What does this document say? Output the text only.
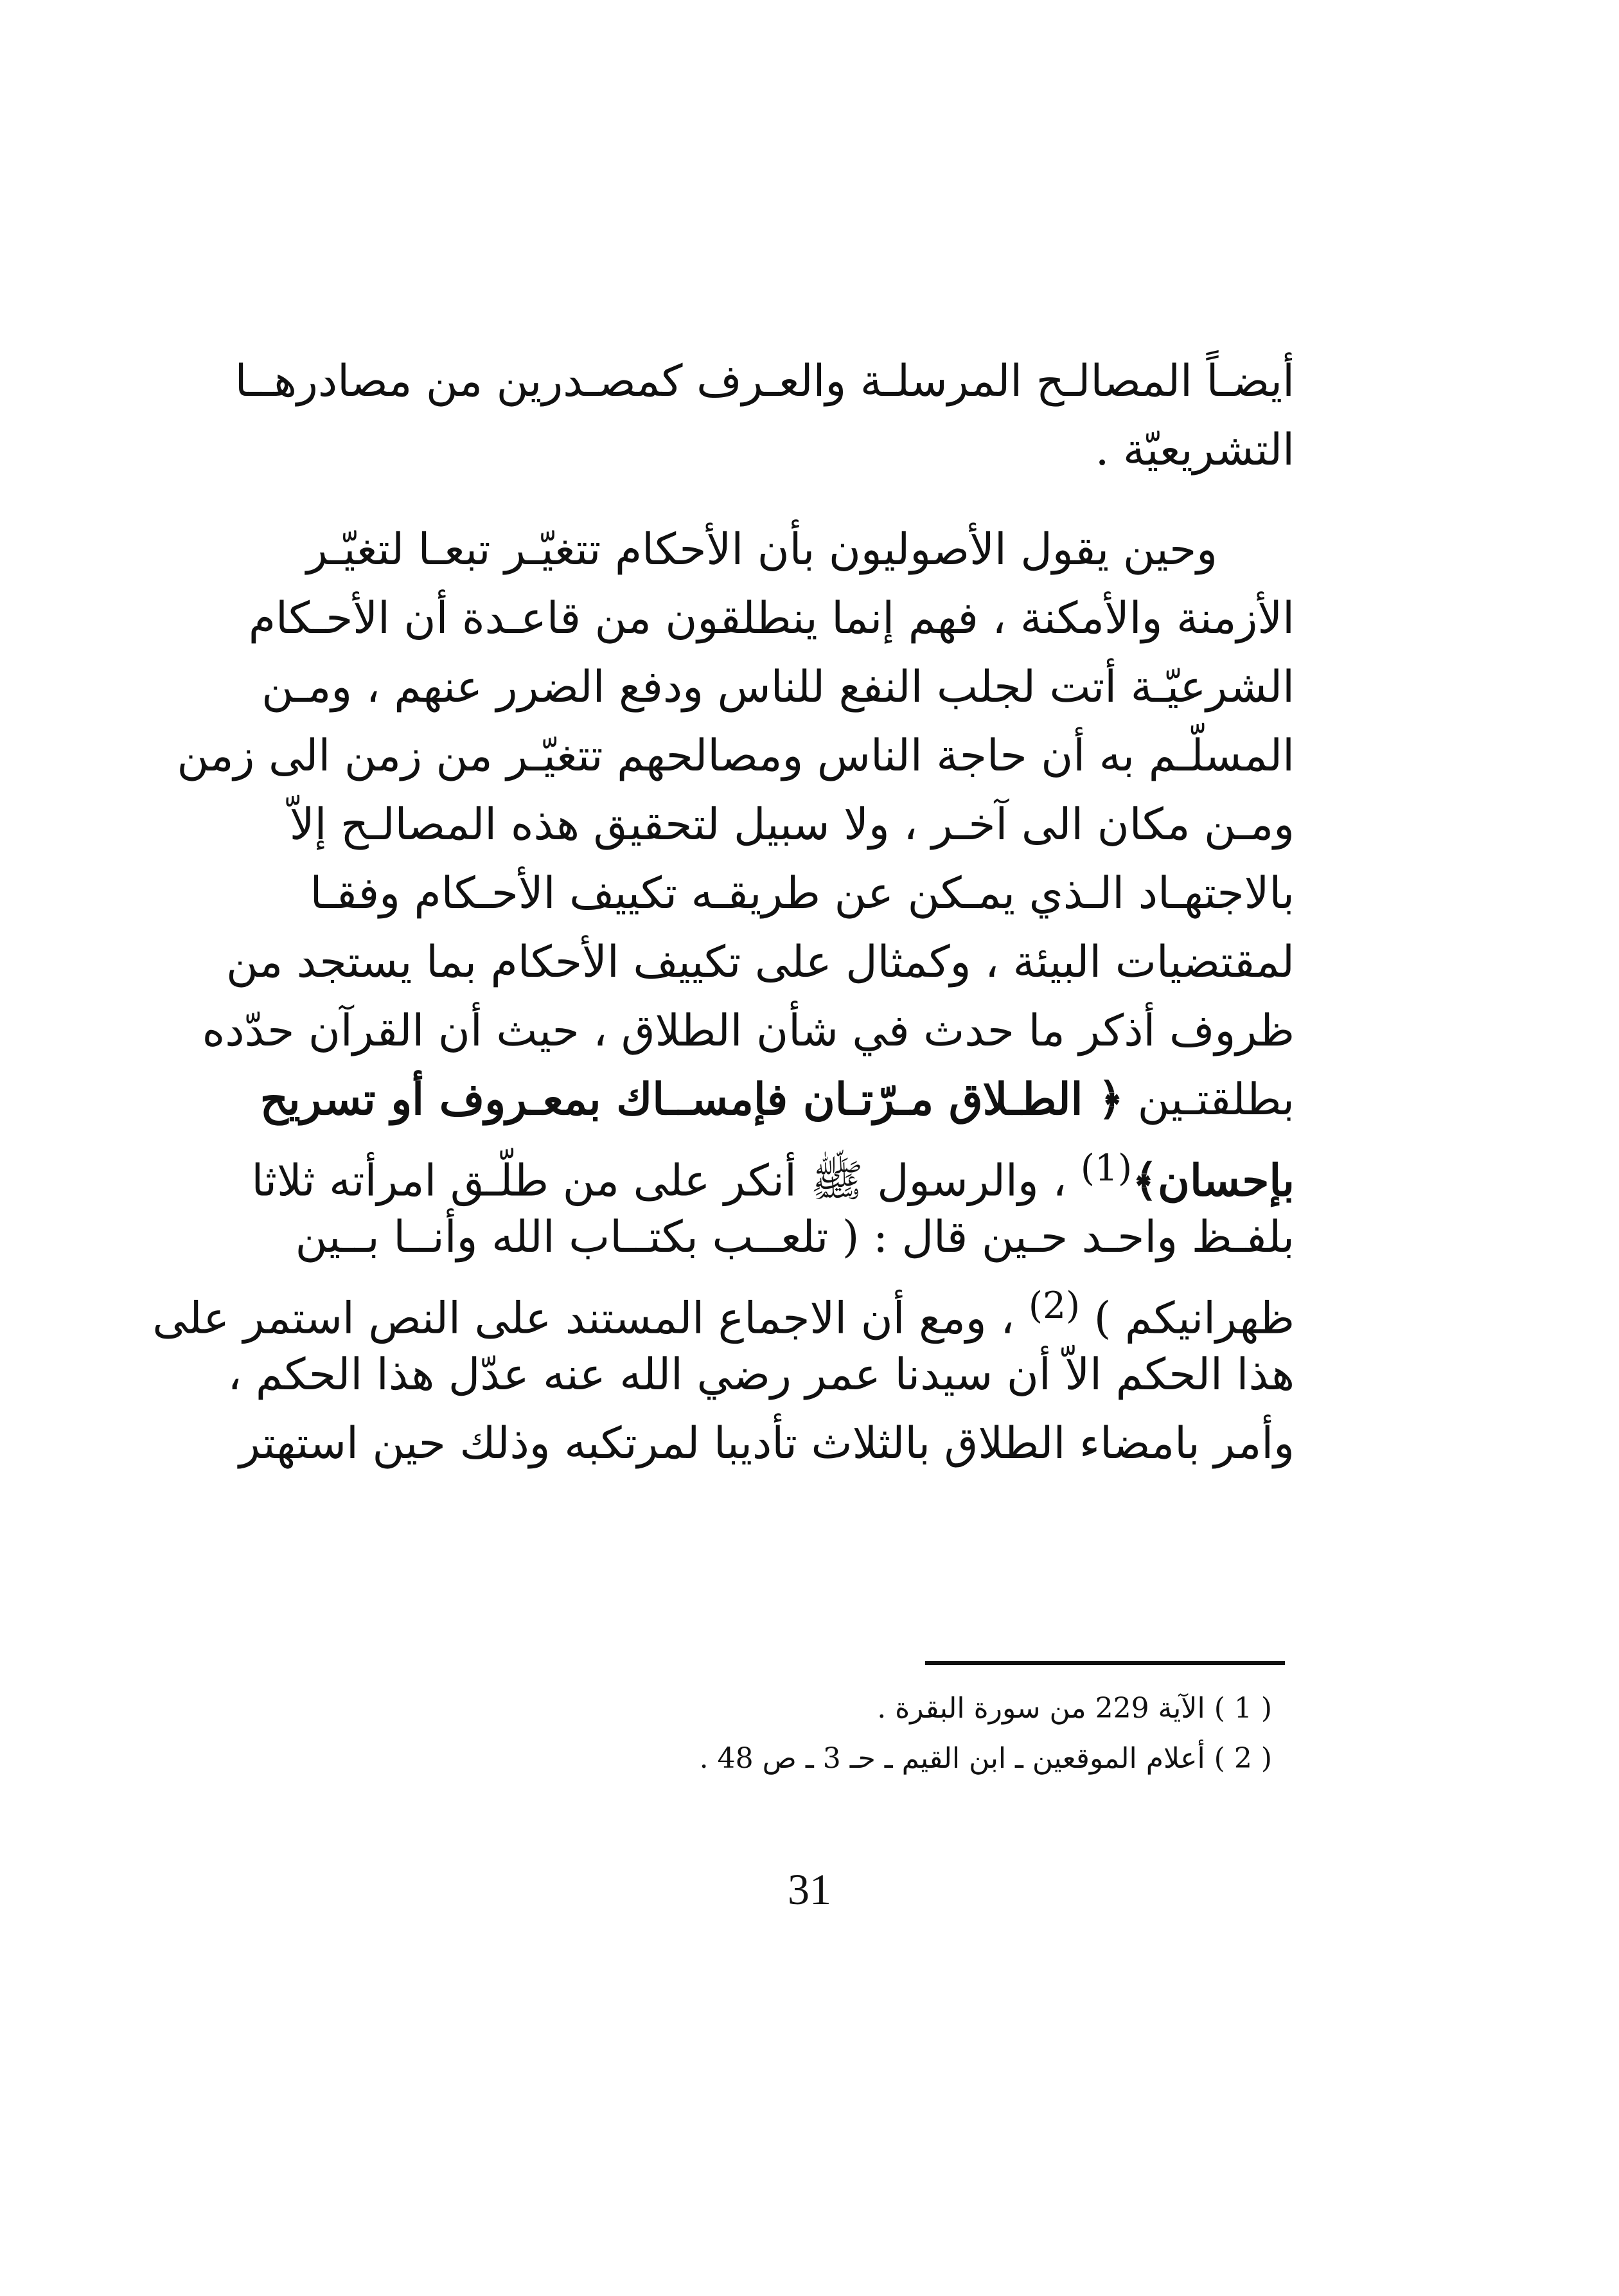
أيضـاً المصالـح المرسلـة والعـرف كمصـدرين من مصادرهــا
التشريعيّة .
وحين يقول الأصوليون بأن الأحكام تتغيّـر تبعـا لتغيّـر
الأزمنة والأمكنة ، فهم إنما ينطلقون من قاعـدة أن الأحـكام
الشرعيّـة أتت لجلب النفع للناس ودفع الضرر عنهم ، ومـن
المسلّـم به أن حاجة الناس ومصالحهم تتغيّـر من زمن الى زمن
ومـن مكان الى آخـر ، ولا سبيل لتحقيق هذه المصالـح إلاّ
بالاجتهـاد الـذي يمـكن عن طريقـه تكييف الأحـكام وفقـا
لمقتضيات البيئة ، وكمثال على تكييف الأحكام بما يستجد من
ظروف أذكر ما حدث في شأن الطلاق ، حيث أن القرآن حدّده
بطلقتـين ﴿ الطـلاق مـرّتـان فإمســاك بمعـروف أو تسريح
بإحسان﴾$^{(1)}$ ، والرسول ﷺ أنكر على من طلّـق امرأته ثلاثا
بلفـظ واحـد حـين قال : ( تلعــب بكتــاب الله وأنــا بــين
ظهرانيكم ) $^{(2)}$ ، ومع أن الاجماع المستند على النص استمر على
هذا الحكم الاّ أن سيدنا عمر رضي الله عنه عدّل هذا الحكم ،
وأمر بامضاء الطلاق بالثلاث تأديبا لمرتكبه وذلك حين استهتر
( 1 ) الآية 229 من سورة البقرة .
( 2 ) أعلام الموقعين ـ ابن القيم ـ حـ 3 ـ ص 48 .
31
